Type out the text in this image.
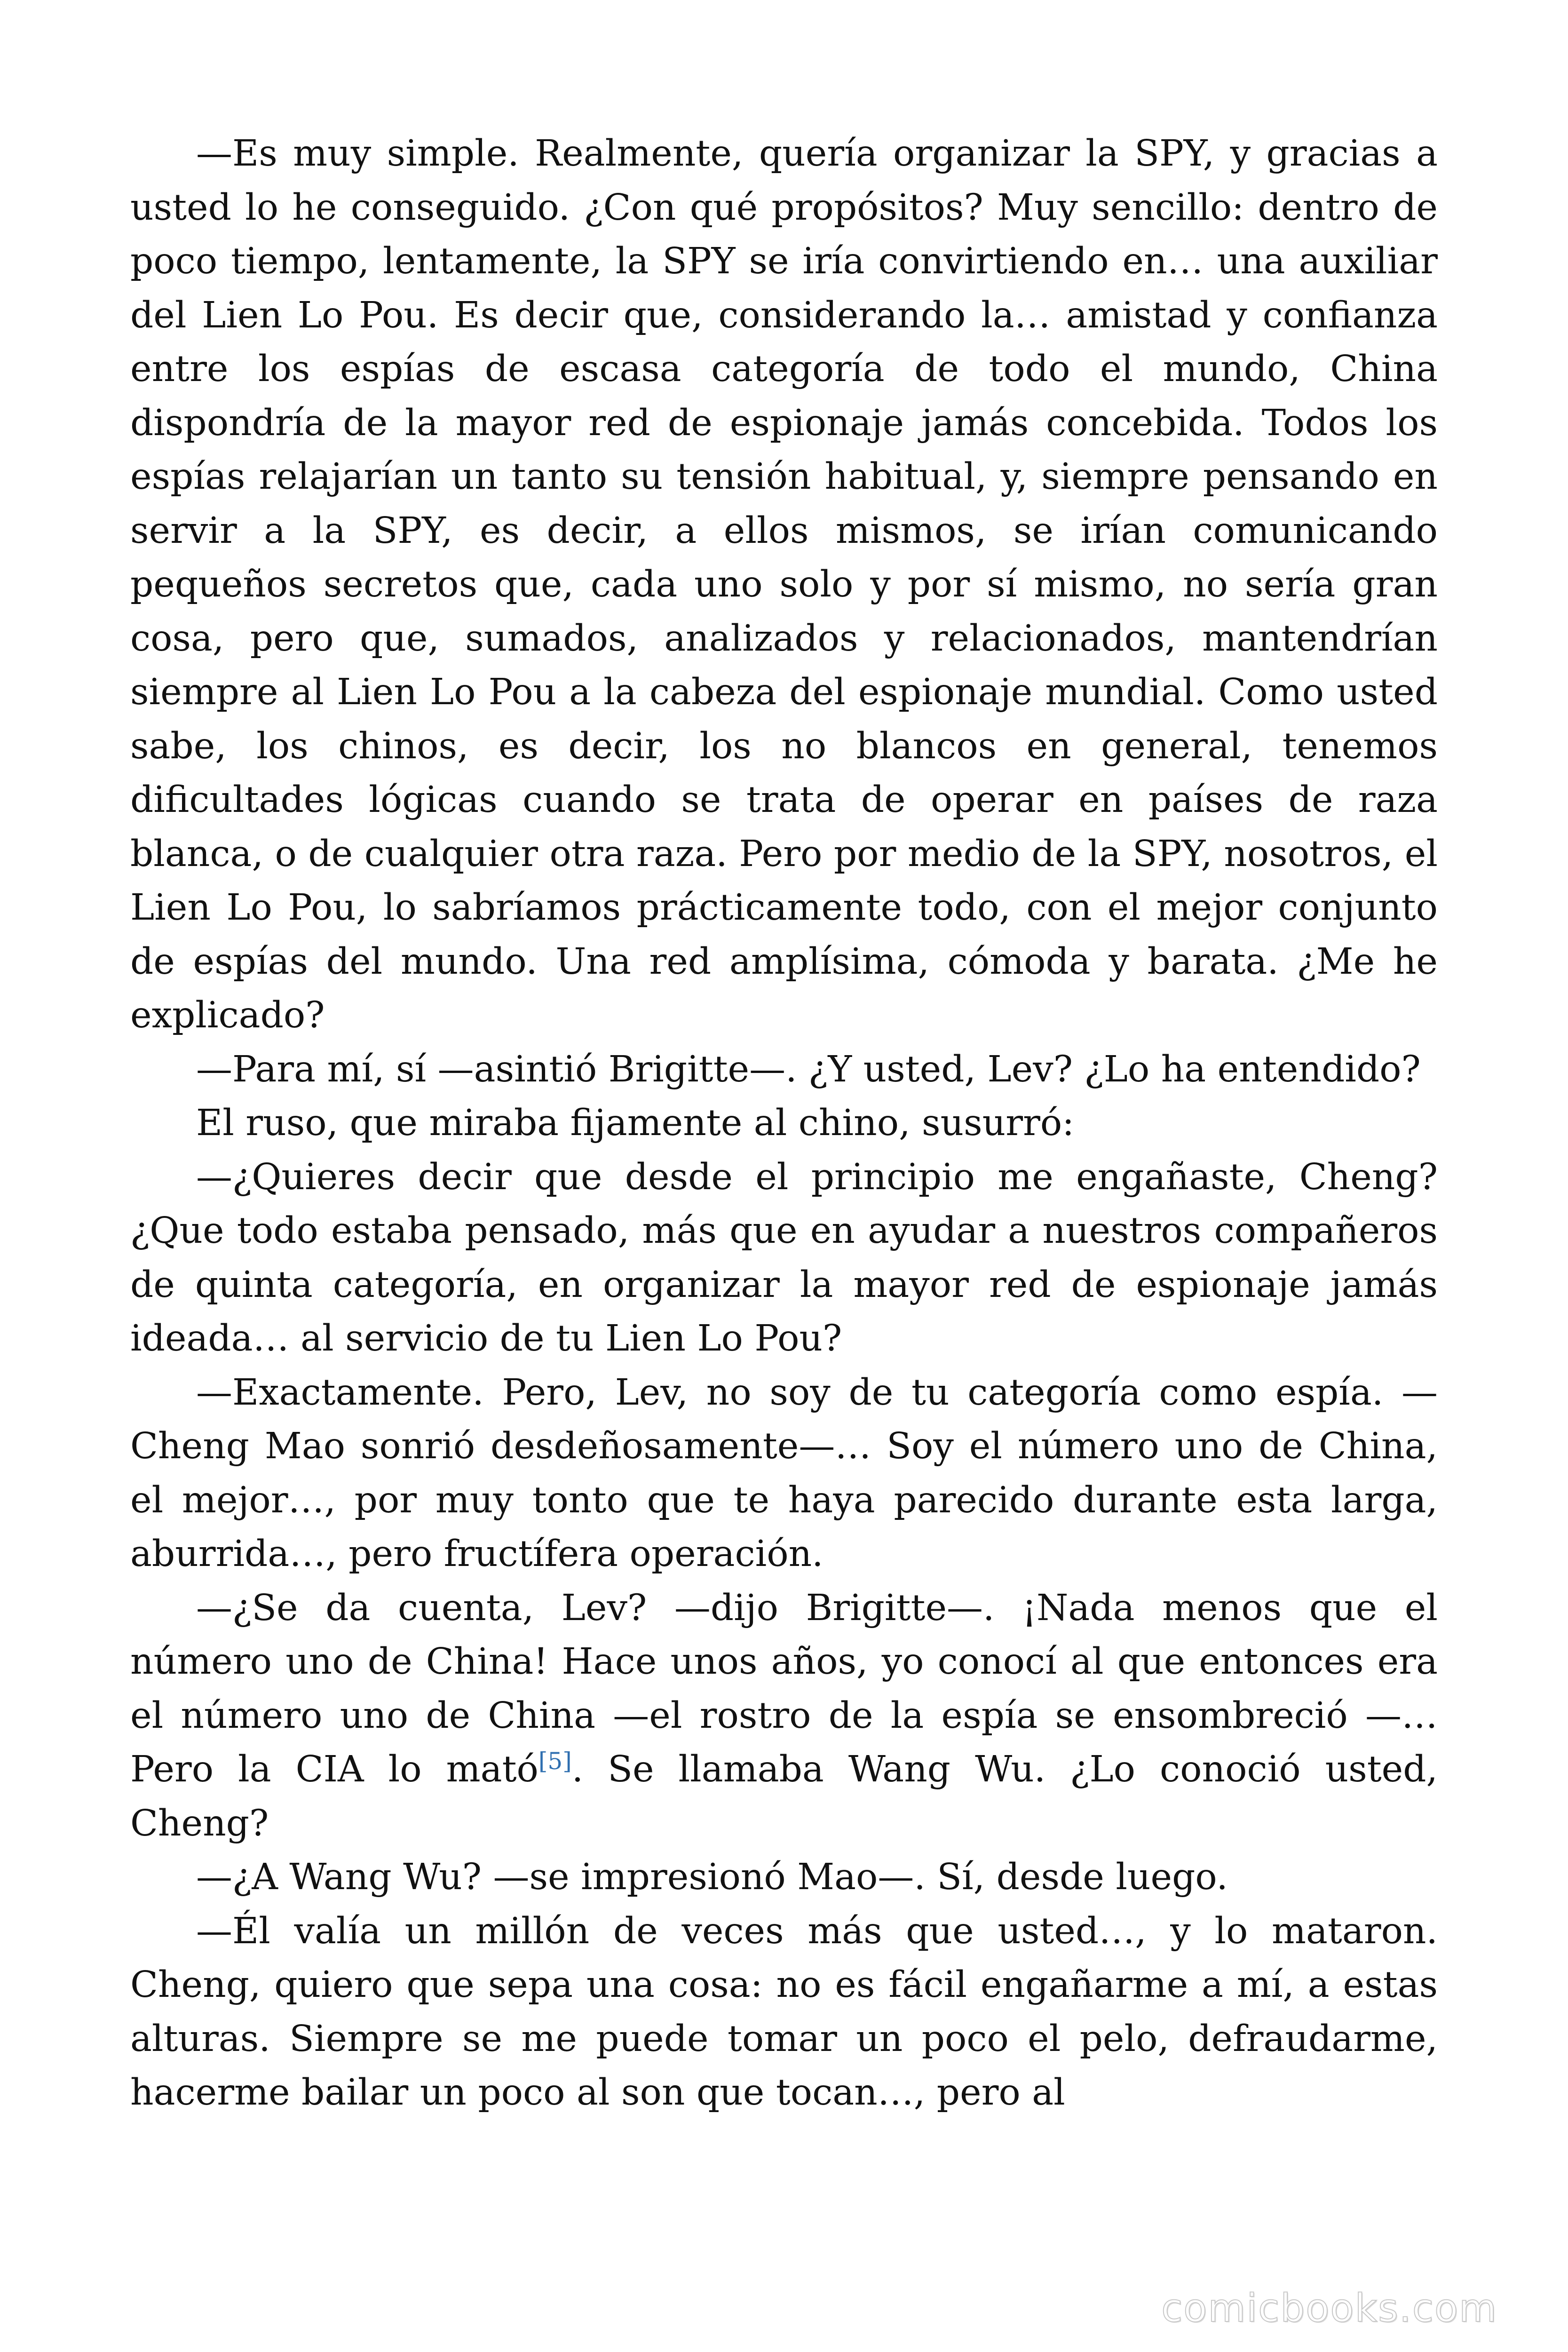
—Es muy simple. Realmente, quería organizar la SPY, y gracias a usted lo he conseguido. ¿Con qué propósitos? Muy sencillo: dentro de poco tiempo, lentamente, la SPY se iría convirtiendo en… una auxiliar del Lien Lo Pou. Es decir que, considerando la… amistad y confianza entre los espías de escasa categoría de todo el mundo, China dispondría de la mayor red de espionaje jamás concebida. Todos los espías relajarían un tanto su tensión habitual, y, siempre pensando en servir a la SPY, es decir, a ellos mismos, se irían comunicando pequeños secretos que, cada uno solo y por sí mismo, no sería gran cosa, pero que, sumados, analizados y relacionados, mantendrían siempre al Lien Lo Pou a la cabeza del espionaje mundial. Como usted sabe, los chinos, es decir, los no blancos en general, tenemos dificultades lógicas cuando se trata de operar en países de raza blanca, o de cualquier otra raza. Pero por medio de la SPY, nosotros, el Lien Lo Pou, lo sabríamos prácticamente todo, con el mejor conjunto de espías del mundo. Una red amplísima, cómoda y barata. ¿Me he explicado?

—Para mí, sí —asintió Brigitte—. ¿Y usted, Lev? ¿Lo ha entendido?

El ruso, que miraba fijamente al chino, susurró:

—¿Quieres decir que desde el principio me engañaste, Cheng? ¿Que todo estaba pensado, más que en ayudar a nuestros compañeros de quinta categoría, en organizar la mayor red de espionaje jamás ideada… al servicio de tu Lien Lo Pou?

—Exactamente. Pero, Lev, no soy de tu categoría como espía. —Cheng Mao sonrió desdeñosamente—… Soy el número uno de China, el mejor…, por muy tonto que te haya parecido durante esta larga, aburrida…, pero fructífera operación.

—¿Se da cuenta, Lev? —dijo Brigitte—. ¡Nada menos que el número uno de China! Hace unos años, yo conocí al que entonces era el número uno de China —el rostro de la espía se ensombreció —… Pero la CIA lo mató[5]. Se llamaba Wang Wu. ¿Lo conoció usted, Cheng?

—¿A Wang Wu? —se impresionó Mao—. Sí, desde luego.

—Él valía un millón de veces más que usted…, y lo mataron. Cheng, quiero que sepa una cosa: no es fácil engañarme a mí, a estas alturas. Siempre se me puede tomar un poco el pelo, defraudarme, hacerme bailar un poco al son que tocan…, pero al

comicbooks.com
